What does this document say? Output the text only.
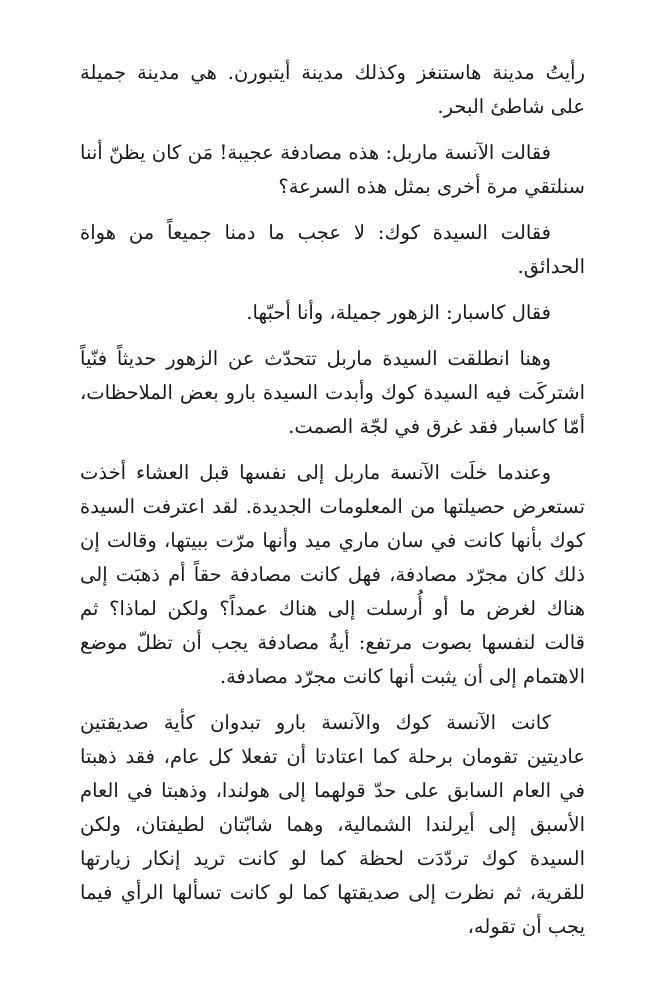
رأيتُ مدينة هاستنغز وكذلك مدينة أيتبورن. هي مدينة جميلة على شاطئ البحر.

فقالت الآنسة ماربل: هذه مصادفة عجيبة! مَن كان يظنّ أننا سنلتقي مرة أخرى بمثل هذه السرعة؟

فقالت السيدة كوك: لا عجب ما دمنا جميعاً من هواة الحدائق.

فقال كاسبار: الزهور جميلة، وأنا أحبّها.

وهنا انطلقت السيدة ماربل تتحدّث عن الزهور حديثاً فنّياً اشتركَت فيه السيدة كوك وأبدت السيدة بارو بعض الملاحظات، أمّا كاسبار فقد غرق في لجّة الصمت.

وعندما خلَت الآنسة ماربل إلى نفسها قبل العشاء أخذت تستعرض حصيلتها من المعلومات الجديدة. لقد اعترفت السيدة كوك بأنها كانت في سان ماري ميد وأنها مرّت ببيتها، وقالت إن ذلك كان مجرّد مصادفة، فهل كانت مصادفة حقاً أم ذهبَت إلى هناك لغرض ما أو أُرسلت إلى هناك عمداً؟ ولكن لماذا؟ ثم قالت لنفسها بصوت مرتفع: أيةُ مصادفة يجب أن تظلّ موضع الاهتمام إلى أن يثبت أنها كانت مجرّد مصادفة.

كانت الآنسة كوك والآنسة بارو تبدوان كأية صديقتين عاديتين تقومان برحلة كما اعتادتا أن تفعلا كل عام، فقد ذهبتا في العام السابق على حدّ قولهما إلى هولندا، وذهبتا في العام الأسبق إلى أيرلندا الشمالية، وهما شابّتان لطيفتان، ولكن السيدة كوك تردّدَت لحظة كما لو كانت تريد إنكار زيارتها للقرية، ثم نظرت إلى صديقتها كما لو كانت تسألها الرأي فيما يجب أن تقوله،
